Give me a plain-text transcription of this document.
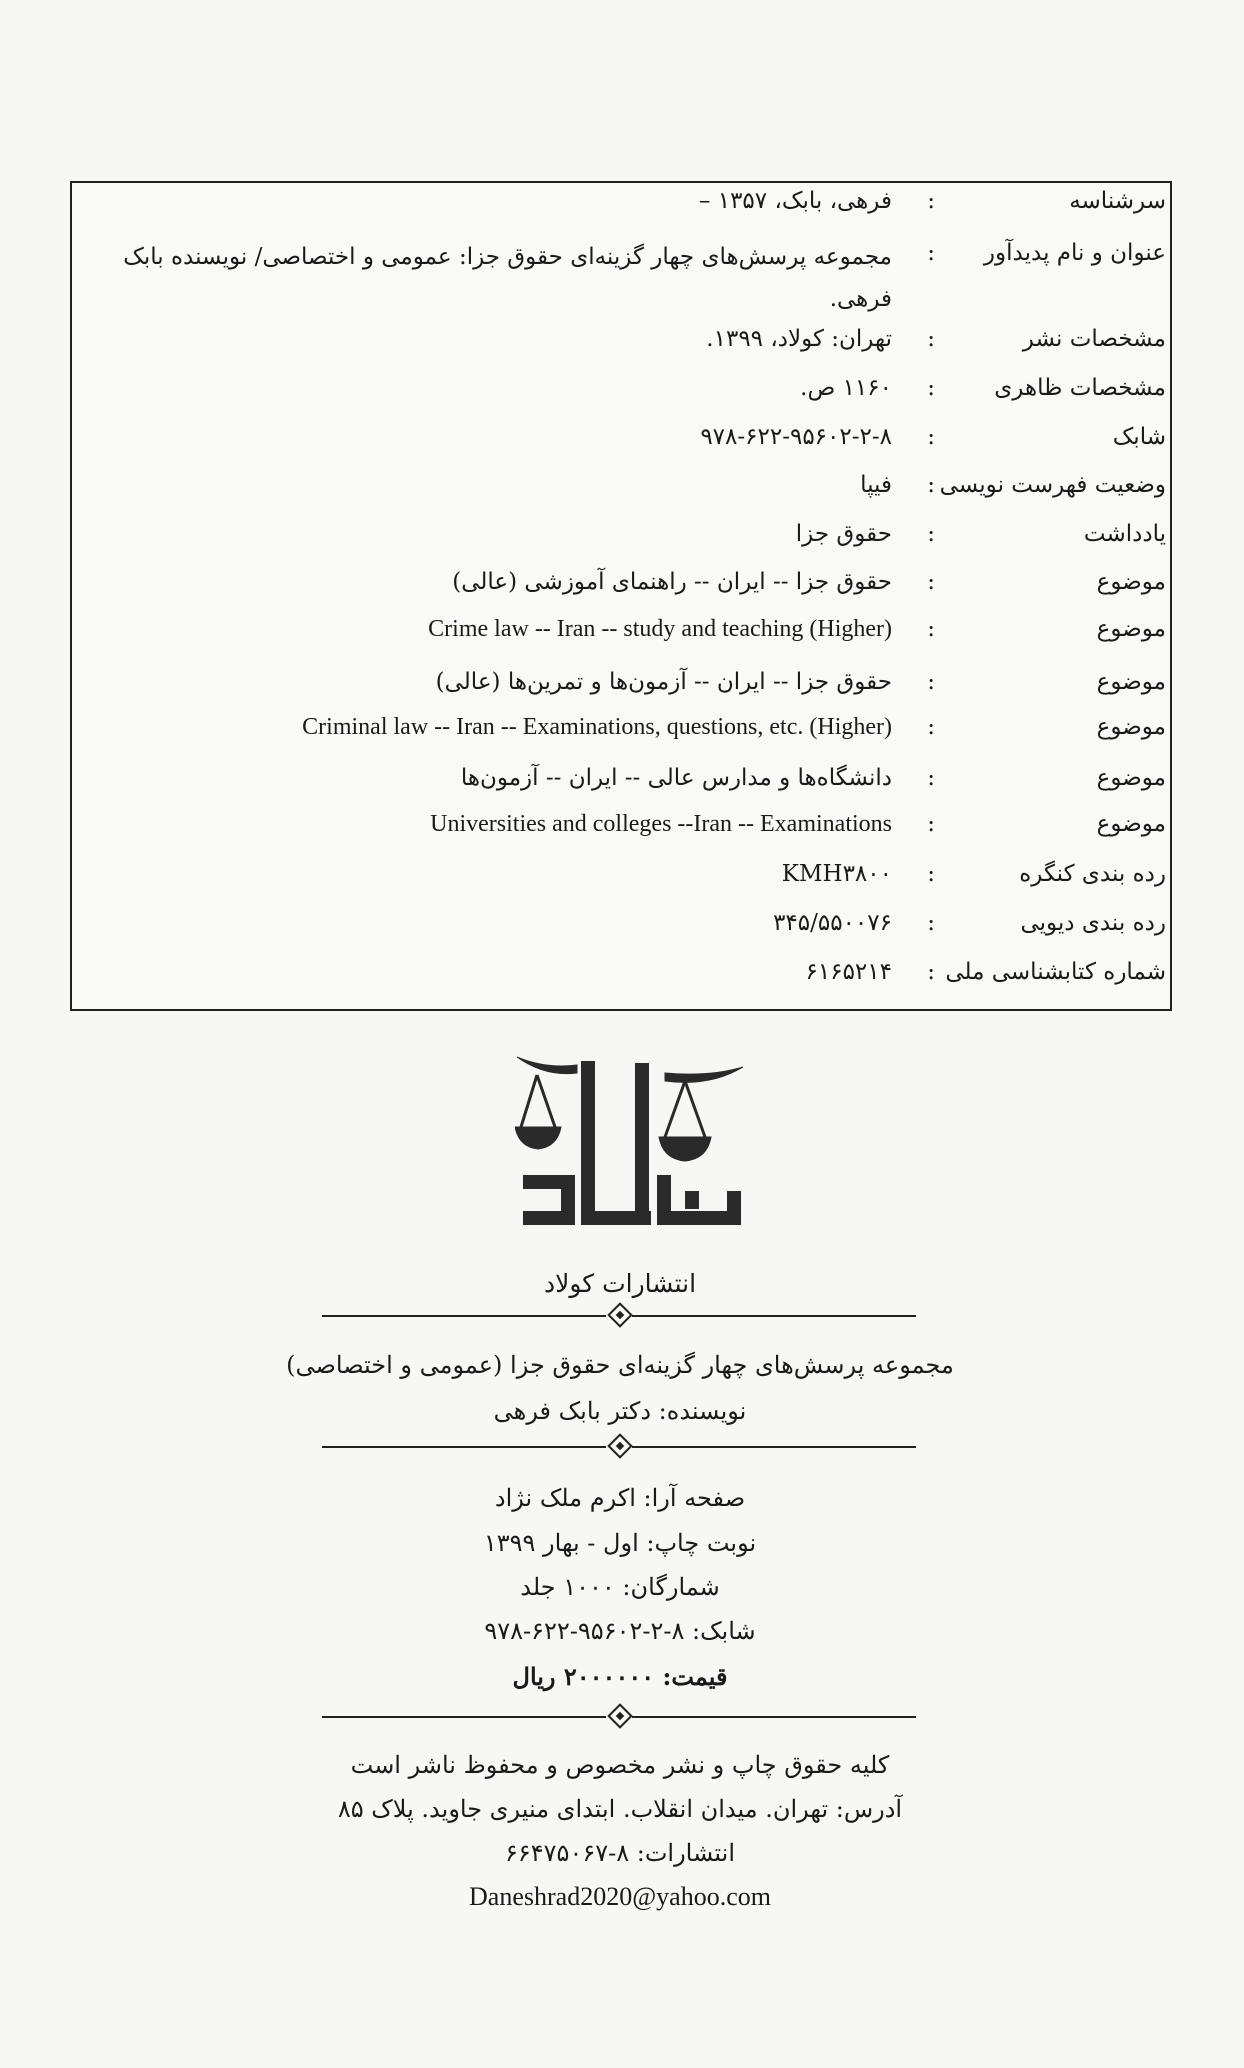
سرشناسه
:
فرهی، بابک، ۱۳۵۷ –
عنوان و نام پدیدآور
:
مجموعه پرسش‌های چهار گزینه‌ای حقوق جزا: عمومی و اختصاصی/ نویسنده بابک فرهی.
مشخصات نشر
:
تهران: کولاد، ۱۳۹۹.
مشخصات ظاهری
:
۱۱۶۰ ص.
شابک
:
۹۷۸-۶۲۲-۹۵۶۰۲-۲-۸
وضعیت فهرست نویسی
:
فیپا
یادداشت
:
حقوق جزا
موضوع
:
حقوق جزا -- ایران -- راهنمای آموزشی (عالی)
موضوع
:
Crime law -- Iran -- study and teaching (Higher)
موضوع
:
حقوق جزا -- ایران -- آزمون‌ها و تمرین‌ها (عالی)
موضوع
:
Criminal law -- Iran -- Examinations, questions, etc. (Higher)
موضوع
:
دانشگاه‌ها و مدارس عالی -- ایران -- آزمون‌ها
موضوع
:
Universities and colleges --Iran -- Examinations
رده بندی کنگره
:
KMH۳۸۰۰
رده بندی دیویی
:
۳۴۵/۵۵۰۰۷۶
شماره کتابشناسی ملی
:
۶۱۶۵۲۱۴
انتشارات کولاد
مجموعه پرسش‌های چهار گزینه‌ای حقوق جزا (عمومی و اختصاصی)
نویسنده: دکتر بابک فرهی
صفحه آرا: اکرم ملک نژاد
نوبت چاپ: اول - بهار ۱۳۹۹
شمارگان: ۱۰۰۰ جلد
شابک: ۸-۲-۹۵۶۰۲-۶۲۲-۹۷۸
قیمت: ۲۰۰۰۰۰۰ ریال
کلیه حقوق چاپ و نشر مخصوص و محفوظ ناشر است
آدرس: تهران. میدان انقلاب. ابتدای منیری جاوید. پلاک ۸۵
انتشارات: ۸-۶۶۴۷۵۰۶۷
Daneshrad2020@yahoo.com
